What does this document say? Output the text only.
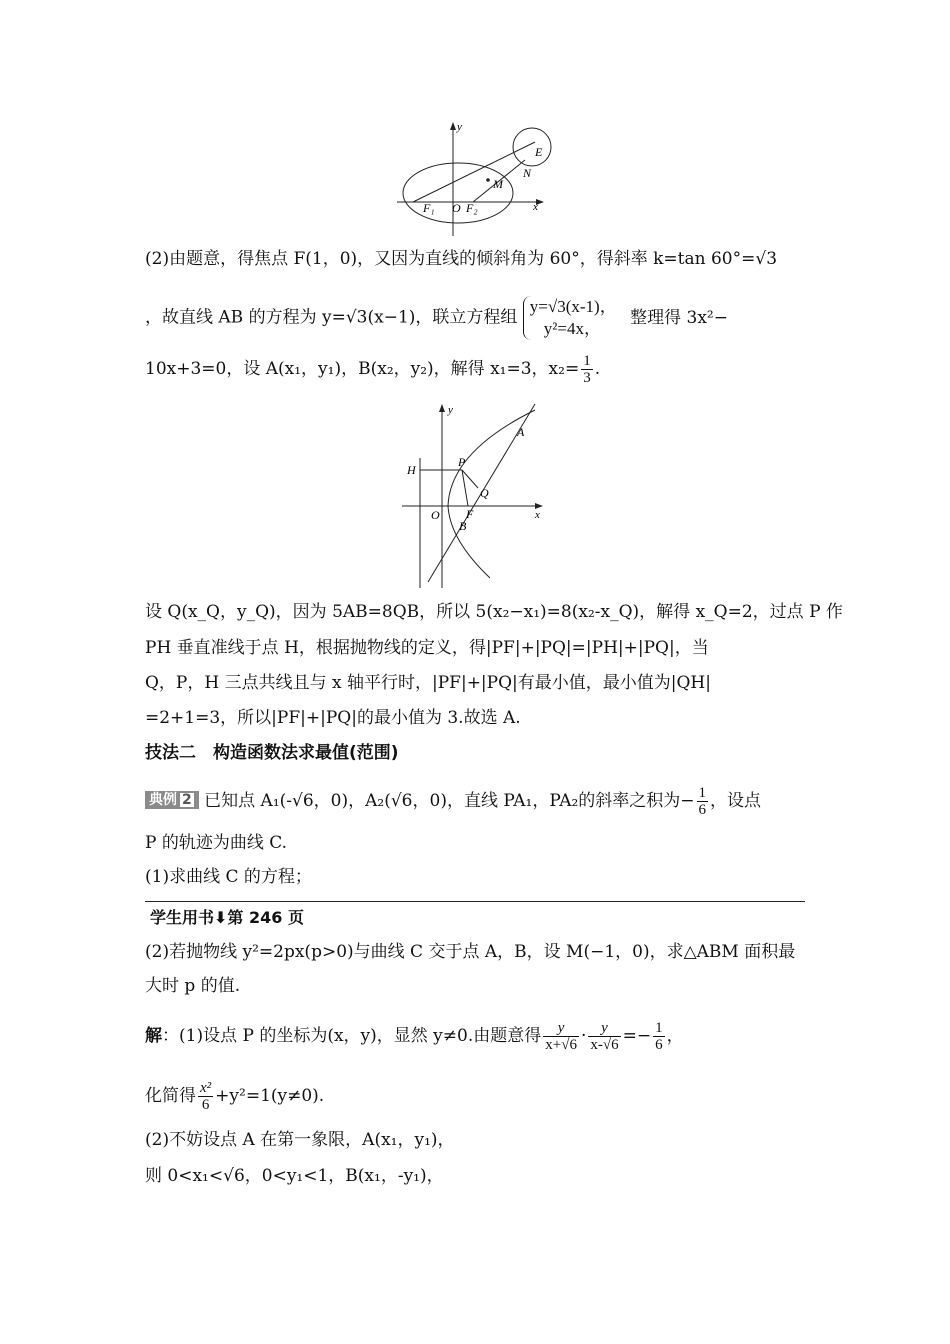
y
x
E
N
M
F₁ O F₂
(2)由题意，得焦点 F(1，0)，又因为直线的倾斜角为 60°，得斜率 k=tan 60°=√3
，故直线 AB 的方程为 y=√3(x−1)，联立方程组
y=√3(x-1)，
y²=4x，
整理得 3x²−
10x+3=0，设 A(x₁，y₁)，B(x₂，y₂)，解得 x₁=3，$x_2= \frac{1}{3}$ .
y
x
A
H
P
Q
O F
B
设 Q(x_Q，y_Q)，因为 5AB=8QB，所以 5(x₂−x₁)=8(x₂-x_Q)，解得 x_Q=2，过点 P 作
PH 垂直准线于点 H，根据抛物线的定义，得|PF|+|PQ|=|PH|+|PQ|，当
Q，P，H 三点共线且与 x 轴平行时，|PF|+|PQ|有最小值，最小值为|QH|
=2+1=3，所以|PF|+|PQ|的最小值为 3.故选 A.
技法二　构造函数法求最值(范围)
典例 2 已知点 A₁(-√6，0)，A₂(√6，0)，直线 PA₁，PA₂的斜率之积为− $\frac{1}{6}$ ，设点
P 的轨迹为曲线 C.
(1)求曲线 C 的方程；
学生用书⬇第 246 页
(2)若抛物线 y²=2px(p>0)与曲线 C 交于点 A，B，设 M(−1，0)，求△ABM 面积最
大时 p 的值.
解：(1)设点 P 的坐标为(x，y)，显然 y≠0.由题意得 $\frac{y}{x+√6} \cdot \frac{y}{x-√6} =- \frac{1}{6}$ ，
化简得 $\frac{\text{x²}}{6} +y^2=1(y\ne 0)$.
(2)不妨设点 A 在第一象限，A(x₁，y₁)，
则 0<x₁<√6，0<y₁<1，B(x₁，-y₁)，
